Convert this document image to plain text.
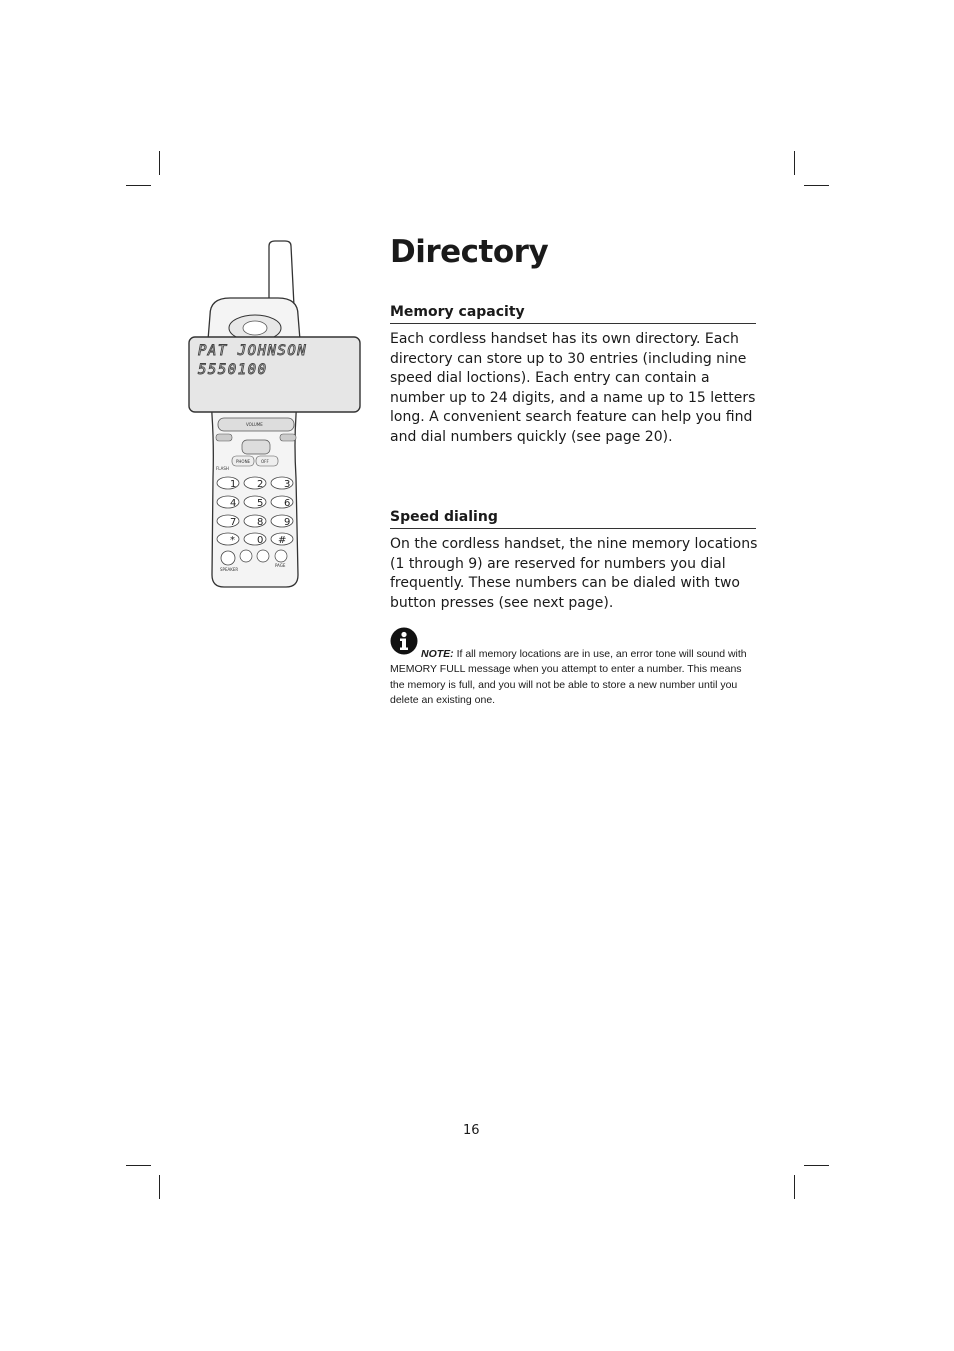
VOLUME
PHONE	OFF
FLASH
1 2 3
4 5 6
7 8 9
* 0 #
SPEAKER
PAGE
PAT JOHNSON
5550100
Directory
Memory capacity

Each cordless handset has its own directory. Each directory can store up to 30 entries (including nine speed dial loctions). Each entry can contain a number up to 24 digits, and a name up to 15 letters long. A convenient search feature can help you find and dial numbers quickly (see page 20).

Speed dialing

On the cordless handset, the nine memory locations (1 through 9) are reserved for numbers you dial frequently. These numbers can be dialed with two button presses (see next page).

NOTE: If all memory locations are in use, an error tone will sound with MEMORY FULL message when you attempt to enter a number. This means the memory is full, and you will not be able to store a new number until you delete an existing one.

16
